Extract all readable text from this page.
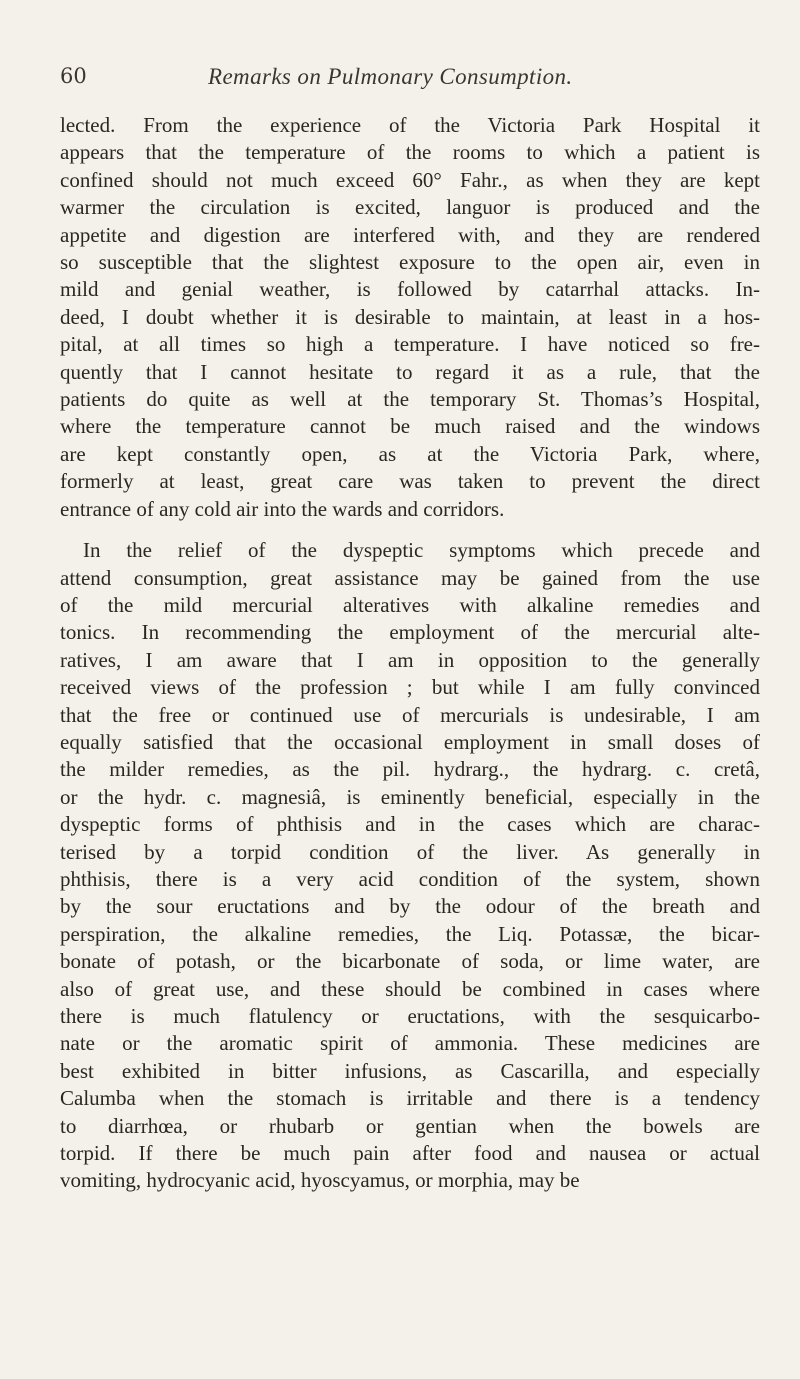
60	Remarks on Pulmonary Consumption.
lected. From the experience of the Victoria Park Hospital it
appears that the temperature of the rooms to which a patient is
confined should not much exceed 60° Fahr., as when they are kept
warmer the circulation is excited, languor is produced and the
appetite and digestion are interfered with, and they are rendered
so susceptible that the slightest exposure to the open air, even in
mild and genial weather, is followed by catarrhal attacks. In-
deed, I doubt whether it is desirable to maintain, at least in a hos-
pital, at all times so high a temperature. I have noticed so fre-
quently that I cannot hesitate to regard it as a rule, that the
patients do quite as well at the temporary St. Thomas’s Hospital,
where the temperature cannot be much raised and the windows
are kept constantly open, as at the Victoria Park, where,
formerly at least, great care was taken to prevent the direct
entrance of any cold air into the wards and corridors.
In the relief of the dyspeptic symptoms which precede and
attend consumption, great assistance may be gained from the use
of the mild mercurial alteratives with alkaline remedies and
tonics. In recommending the employment of the mercurial alte-
ratives, I am aware that I am in opposition to the generally
received views of the profession ; but while I am fully convinced
that the free or continued use of mercurials is undesirable, I am
equally satisfied that the occasional employment in small doses of
the milder remedies, as the pil. hydrarg., the hydrarg. c. cretâ,
or the hydr. c. magnesiâ, is eminently beneficial, especially in the
dyspeptic forms of phthisis and in the cases which are charac-
terised by a torpid condition of the liver. As generally in
phthisis, there is a very acid condition of the system, shown
by the sour eructations and by the odour of the breath and
perspiration, the alkaline remedies, the Liq. Potassæ, the bicar-
bonate of potash, or the bicarbonate of soda, or lime water, are
also of great use, and these should be combined in cases where
there is much flatulency or eructations, with the sesquicarbo-
nate or the aromatic spirit of ammonia. These medicines are
best exhibited in bitter infusions, as Cascarilla, and especially
Calumba when the stomach is irritable and there is a tendency
to diarrhœa, or rhubarb or gentian when the bowels are
torpid. If there be much pain after food and nausea or actual
vomiting, hydrocyanic acid, hyoscyamus, or morphia, may be
